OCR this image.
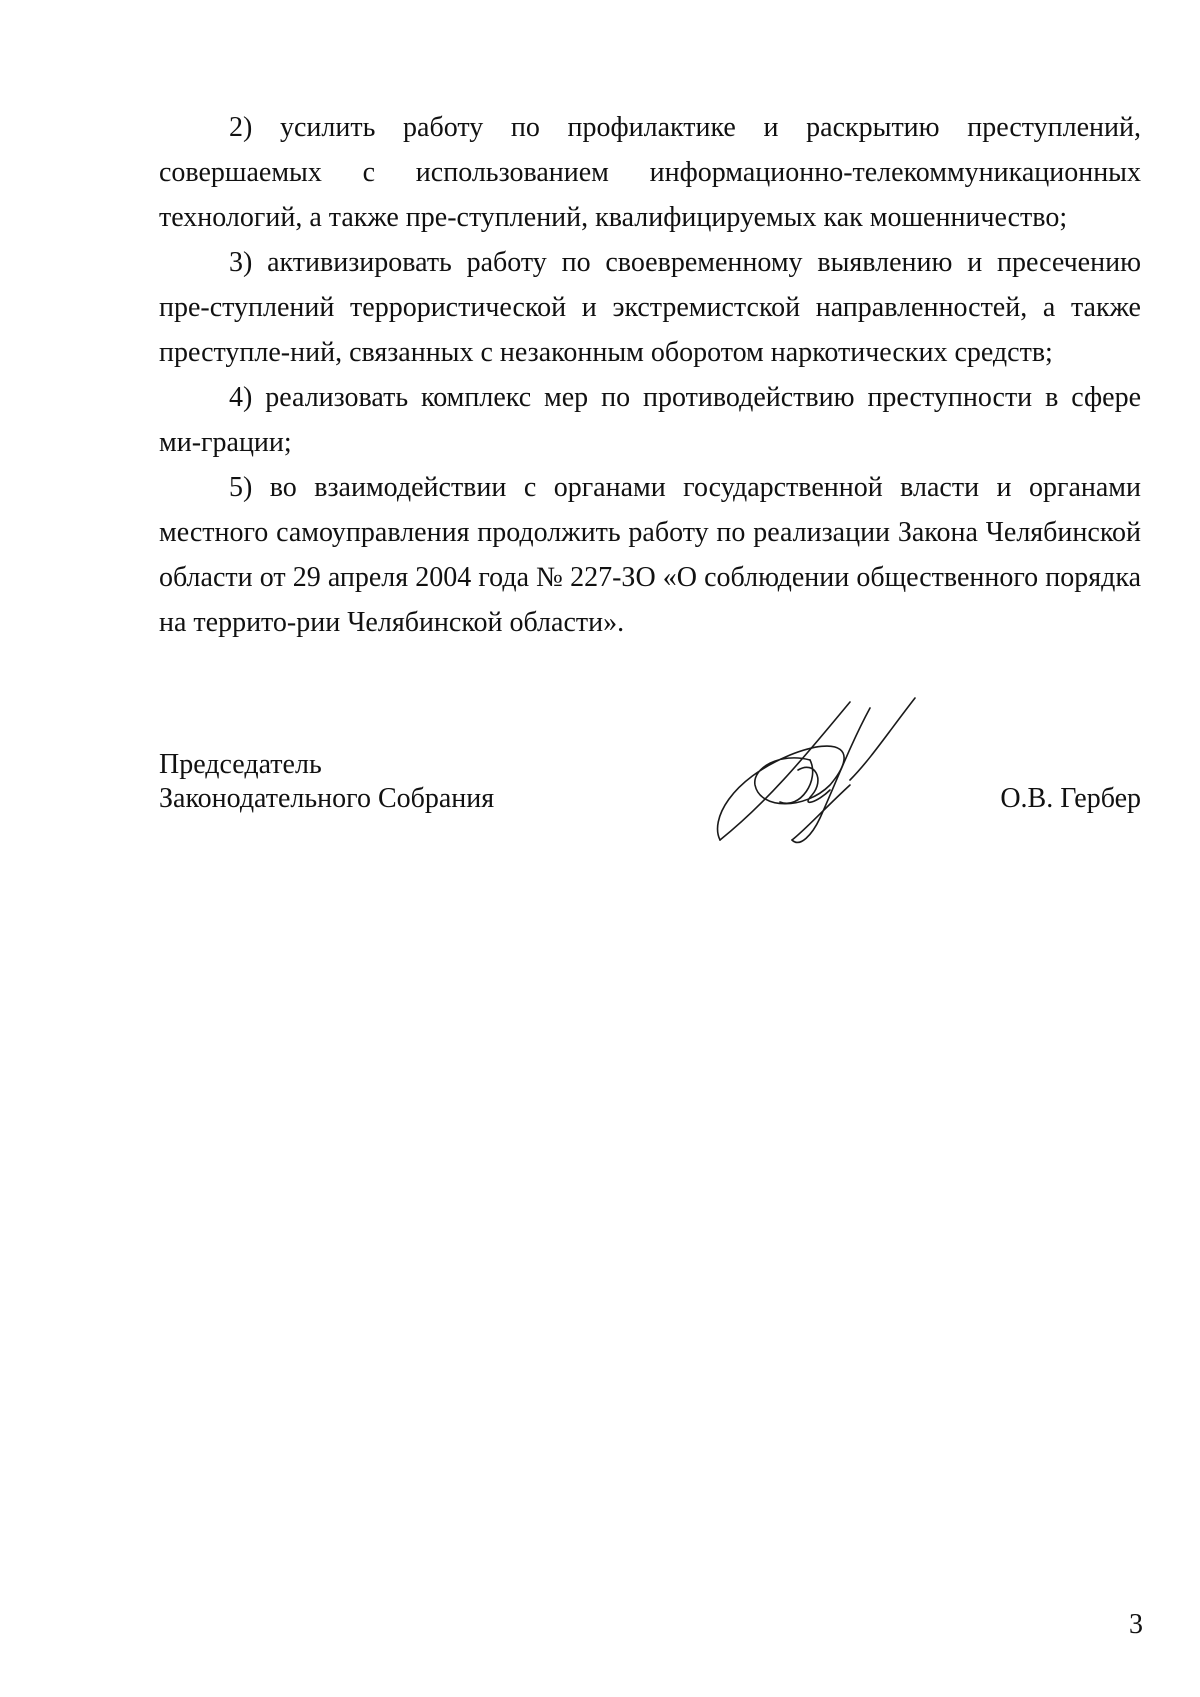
2) усилить работу по профилактике и раскрытию преступлений, совершаемых с использованием информационно-телекоммуникационных технологий, а также пре-ступлений, квалифицируемых как мошенничество;

3) активизировать работу по своевременному выявлению и пресечению пре-ступлений террористической и экстремистской направленностей, а также преступле-ний, связанных с незаконным оборотом наркотических средств;

4) реализовать комплекс мер по противодействию преступности в сфере ми-грации;

5) во взаимодействии с органами государственной власти и органами местного самоуправления продолжить работу по реализации Закона Челябинской области от 29 апреля 2004 года № 227-ЗО «О соблюдении общественного порядка на террито-рии Челябинской области».

Председатель
Законодательного Собрания	О.В. Гербер
3
